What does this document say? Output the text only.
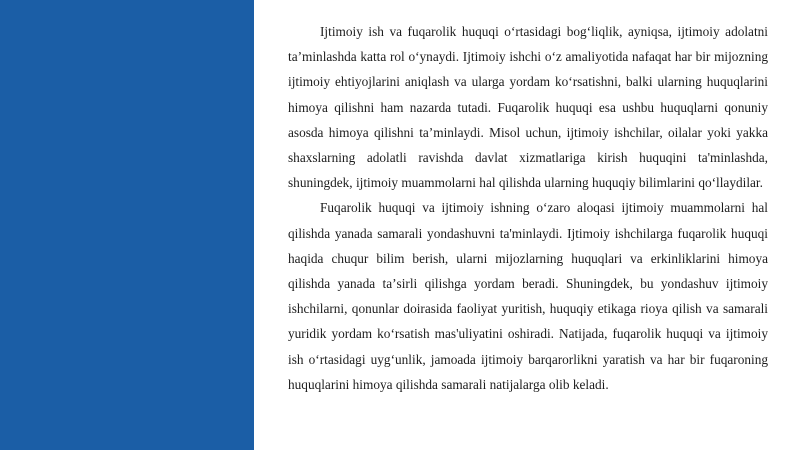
Ijtimoiy ish va fuqarolik huquqi oʻrtasidagi bogʻliqlik, ayniqsa, ijtimoiy adolatni taʼminlashda katta rol oʻynaydi. Ijtimoiy ishchi oʻz amaliyotida nafaqat har bir mijozning ijtimoiy ehtiyojlarini aniqlash va ularga yordam koʻrsatishni, balki ularning huquqlarini himoya qilishni ham nazarda tutadi. Fuqarolik huquqi esa ushbu huquqlarni qonuniy asosda himoya qilishni taʼminlaydi. Misol uchun, ijtimoiy ishchilar, oilalar yoki yakka shaxslarning adolatli ravishda davlat xizmatlariga kirish huquqini ta'minlashda, shuningdek, ijtimoiy muammolarni hal qilishda ularning huquqiy bilimlarini qoʻllaydilar.

Fuqarolik huquqi va ijtimoiy ishning oʻzaro aloqasi ijtimoiy muammolarni hal qilishda yanada samarali yondashuvni ta'minlaydi. Ijtimoiy ishchilarga fuqarolik huquqi haqida chuqur bilim berish, ularni mijozlarning huquqlari va erkinliklarini himoya qilishda yanada taʼsirli qilishga yordam beradi. Shuningdek, bu yondashuv ijtimoiy ishchilarni, qonunlar doirasida faoliyat yuritish, huquqiy etikaga rioya qilish va samarali yuridik yordam koʻrsatish mas'uliyatini oshiradi. Natijada, fuqarolik huquqi va ijtimoiy ish oʻrtasidagi uygʻunlik, jamoada ijtimoiy barqarorlikni yaratish va har bir fuqaroning huquqlarini himoya qilishda samarali natijalarga olib keladi.
